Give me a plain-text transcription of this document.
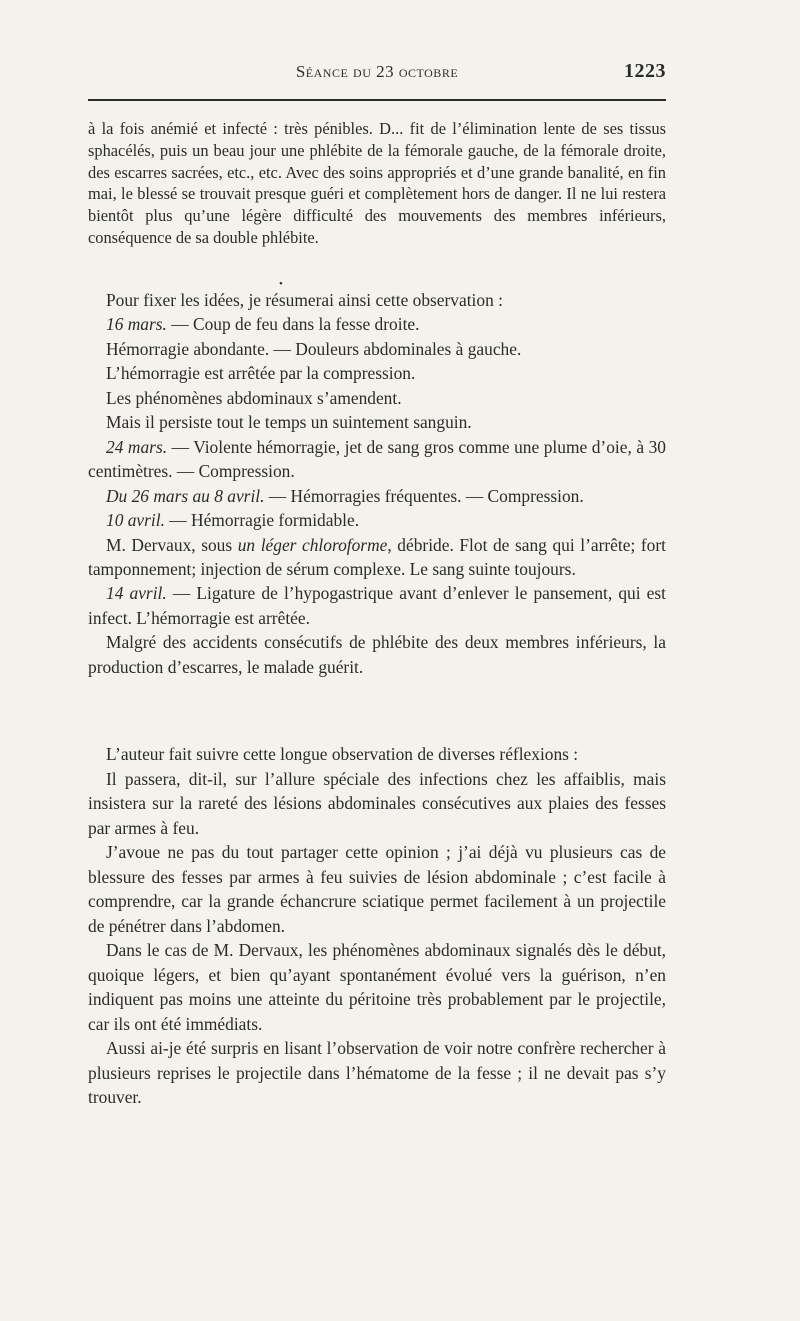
Séance du 23 octobre	1223

à la fois anémié et infecté : très pénibles. D... fit de l’élimination lente de ses tissus sphacélés, puis un beau jour une phlébite de la fémorale gauche, de la fémorale droite, des escarres sacrées, etc., etc. Avec des soins appropriés et d’une grande banalité, en fin mai, le blessé se trouvait presque guéri et complètement hors de danger. Il ne lui restera bientôt plus qu’une légère difficulté des mouvements des membres inférieurs, conséquence de sa double phlébite.

•

Pour fixer les idées, je résumerai ainsi cette observation :

16 mars. — Coup de feu dans la fesse droite.

Hémorragie abondante. — Douleurs abdominales à gauche.

L’hémorragie est arrêtée par la compression.

Les phénomènes abdominaux s’amendent.

Mais il persiste tout le temps un suintement sanguin.

24 mars. — Violente hémorragie, jet de sang gros comme une plume d’oie, à 30 centimètres. — Compression.

Du 26 mars au 8 avril. — Hémorragies fréquentes. — Compression.

10 avril. — Hémorragie formidable.

M. Dervaux, sous un léger chloroforme, débride. Flot de sang qui l’arrête; fort tamponnement; injection de sérum complexe. Le sang suinte toujours.

14 avril. — Ligature de l’hypogastrique avant d’enlever le pansement, qui est infect. L’hémorragie est arrêtée.

Malgré des accidents consécutifs de phlébite des deux membres inférieurs, la production d’escarres, le malade guérit.

L’auteur fait suivre cette longue observation de diverses réflexions :

Il passera, dit-il, sur l’allure spéciale des infections chez les affaiblis, mais insistera sur la rareté des lésions abdominales consécutives aux plaies des fesses par armes à feu.

J’avoue ne pas du tout partager cette opinion ; j’ai déjà vu plusieurs cas de blessure des fesses par armes à feu suivies de lésion abdominale ; c’est facile à comprendre, car la grande échancrure sciatique permet facilement à un projectile de pénétrer dans l’abdomen.

Dans le cas de M. Dervaux, les phénomènes abdominaux signalés dès le début, quoique légers, et bien qu’ayant spontanément évolué vers la guérison, n’en indiquent pas moins une atteinte du péritoine très probablement par le projectile, car ils ont été immédiats.

Aussi ai-je été surpris en lisant l’observation de voir notre confrère rechercher à plusieurs reprises le projectile dans l’hématome de la fesse ; il ne devait pas s’y trouver.
